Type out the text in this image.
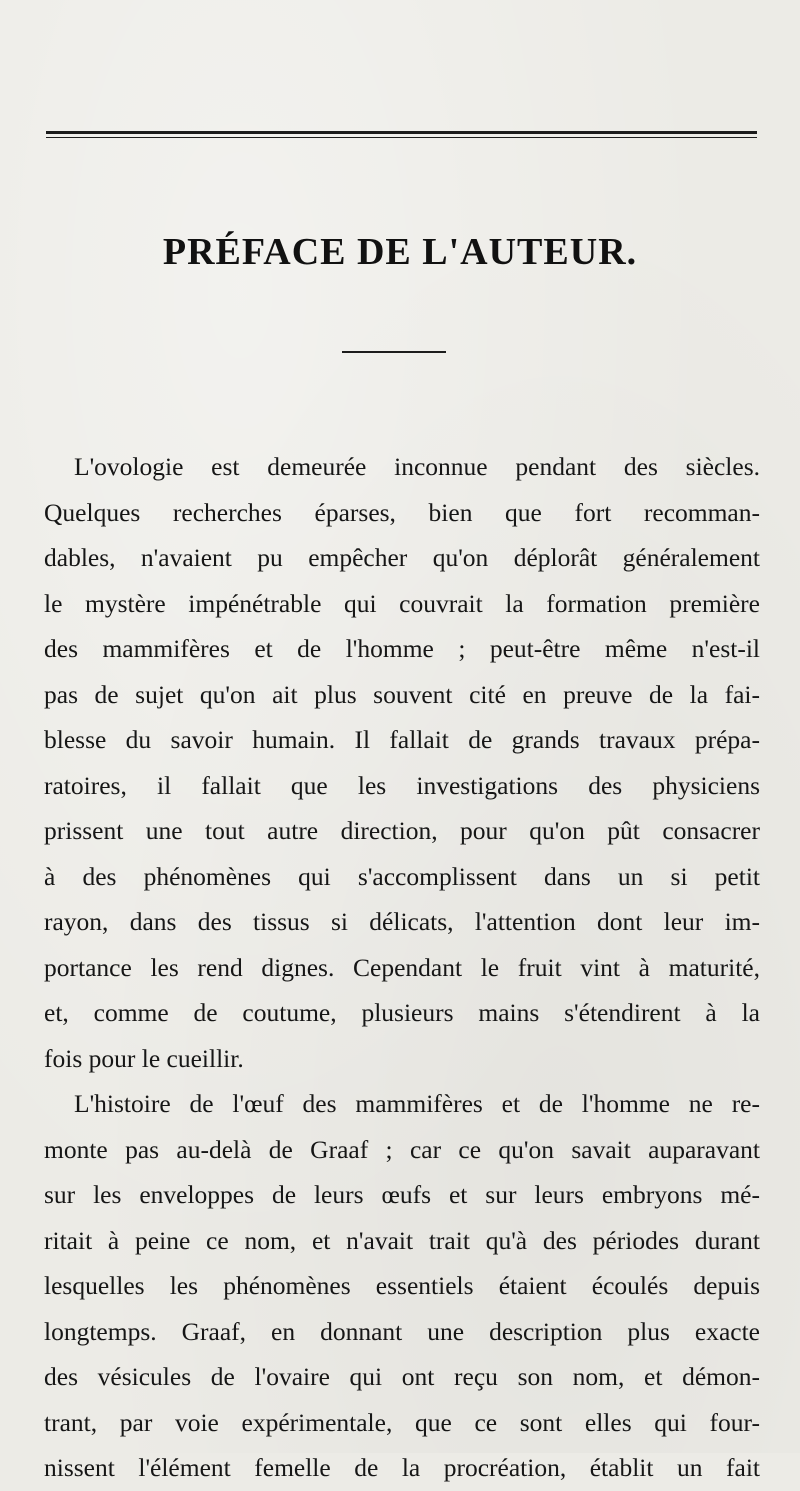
PRÉFACE DE L'AUTEUR.
L'ovologie est demeurée inconnue pendant des siècles.
Quelques recherches éparses, bien que fort recomman-
dables, n'avaient pu empêcher qu'on déplorât généralement
le mystère impénétrable qui couvrait la formation première
des mammifères et de l'homme ; peut-être même n'est-il
pas de sujet qu'on ait plus souvent cité en preuve de la fai-
blesse du savoir humain. Il fallait de grands travaux prépa-
ratoires, il fallait que les investigations des physiciens
prissent une tout autre direction, pour qu'on pût consacrer
à des phénomènes qui s'accomplissent dans un si petit
rayon, dans des tissus si délicats, l'attention dont leur im-
portance les rend dignes. Cependant le fruit vint à maturité,
et, comme de coutume, plusieurs mains s'étendirent à la
fois pour le cueillir.
L'histoire de l'œuf des mammifères et de l'homme ne re-
monte pas au-delà de Graaf ; car ce qu'on savait auparavant
sur les enveloppes de leurs œufs et sur leurs embryons mé-
ritait à peine ce nom, et n'avait trait qu'à des périodes durant
lesquelles les phénomènes essentiels étaient écoulés depuis
longtemps. Graaf, en donnant une description plus exacte
des vésicules de l'ovaire qui ont reçu son nom, et démon-
trant, par voie expérimentale, que ce sont elles qui four-
nissent l'élément femelle de la procréation, établit un fait
